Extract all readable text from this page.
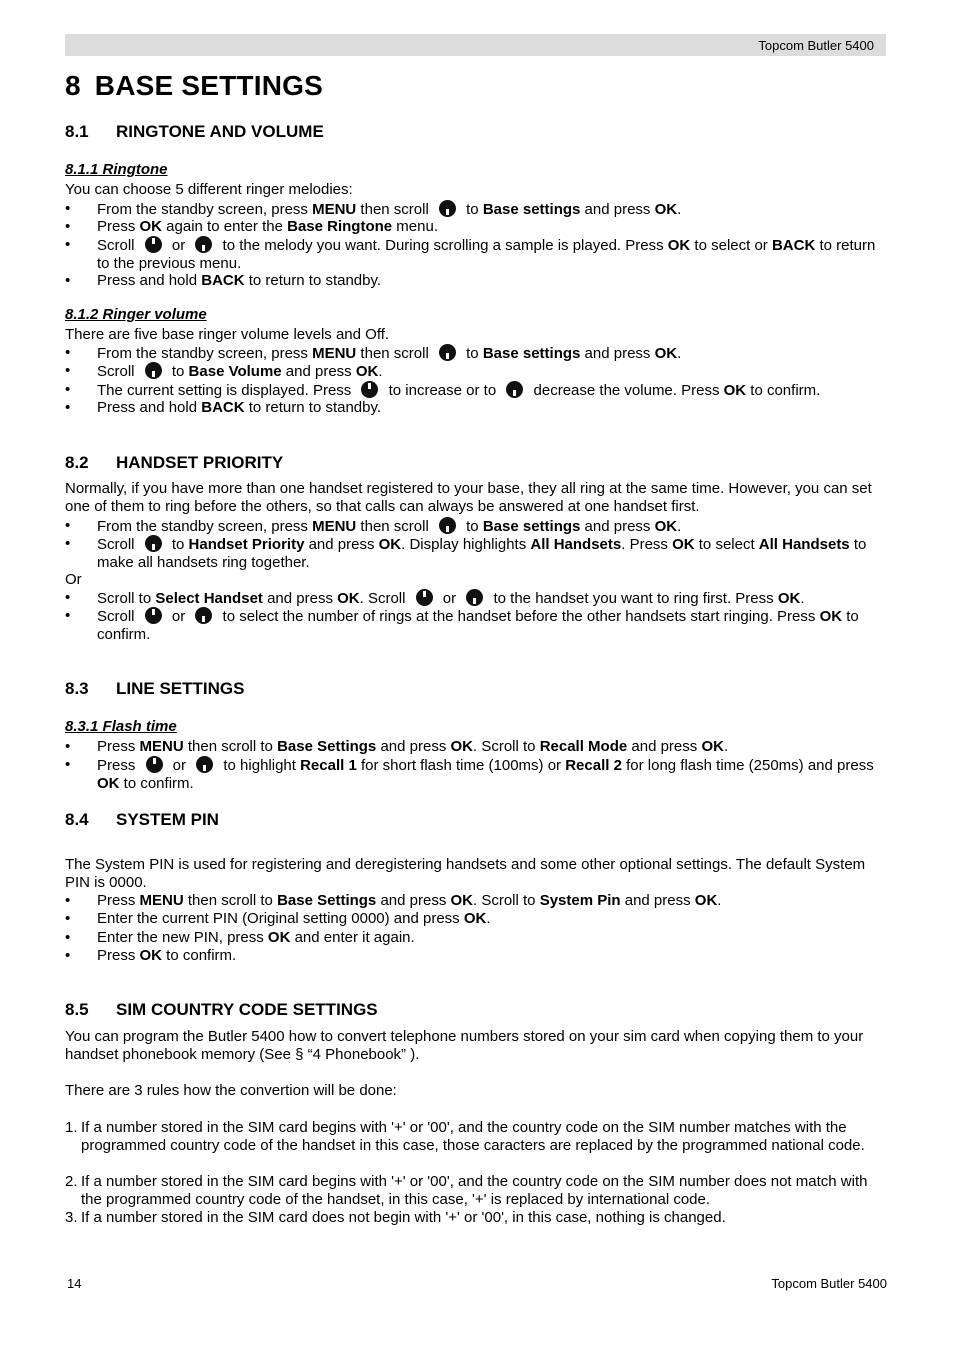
Topcom Butler 5400
8 BASE SETTINGS
8.1 RINGTONE AND VOLUME
8.1.1 Ringtone

You can choose 5 different ringer melodies:

• From the standby screen, press MENU then scroll  to Base settings and press OK.
• Press OK again to enter the Base Ringtone menu.
• Scroll  or  to the melody you want. During scrolling a sample is played. Press OK to select or BACK to return to the previous menu.
• Press and hold BACK to return to standby.
8.1.2 Ringer volume

There are five base ringer volume levels and Off.

• From the standby screen, press MENU then scroll  to Base settings and press OK.
• Scroll  to Base Volume and press OK.
• The current setting is displayed. Press  to increase or to  decrease the volume. Press OK to confirm.
• Press and hold BACK to return to standby.
8.2 HANDSET PRIORITY

Normally, if you have more than one handset registered to your base, they all ring at the same time. However, you can set one of them to ring before the others, so that calls can always be answered at one handset first.

• From the standby screen, press MENU then scroll  to Base settings and press OK.
• Scroll  to Handset Priority and press OK. Display highlights All Handsets. Press OK to select All Handsets to make all handsets ring together.

Or

• Scroll to Select Handset and press OK. Scroll  or  to the handset you want to ring first. Press OK.
• Scroll  or  to select the number of rings at the handset before the other handsets start ringing. Press OK to confirm.
8.3 LINE SETTINGS
8.3.1 Flash time
• Press MENU then scroll to Base Settings and press OK. Scroll to Recall Mode and press OK.
• Press  or  to highlight Recall 1 for short flash time (100ms) or Recall 2 for long flash time (250ms) and press OK to confirm.
8.4 SYSTEM PIN

The System PIN is used for registering and deregistering handsets and some other optional settings. The default System PIN is 0000.

• Press MENU then scroll to Base Settings and press OK. Scroll to System Pin and press OK.
• Enter the current PIN (Original setting 0000) and press OK.
• Enter the new PIN, press OK and enter it again.
• Press OK to confirm.
8.5 SIM COUNTRY CODE SETTINGS

You can program the Butler 5400 how to convert telephone numbers stored on your sim card when copying them to your handset phonebook memory (See § “4 Phonebook” ).

There are 3 rules how the convertion will be done:

1. If a number stored in the SIM card begins with '+' or '00', and the country code on the SIM number matches with the programmed country code of the handset in this case, those caracters are replaced by the programmed national code.
2. If a number stored in the SIM card begins with '+' or '00', and the country code on the SIM number does not match with the programmed country code of the handset, in this case, '+' is replaced by international code.
3. If a number stored in the SIM card does not begin with '+' or '00', in this case, nothing is changed.
14	Topcom Butler 5400
